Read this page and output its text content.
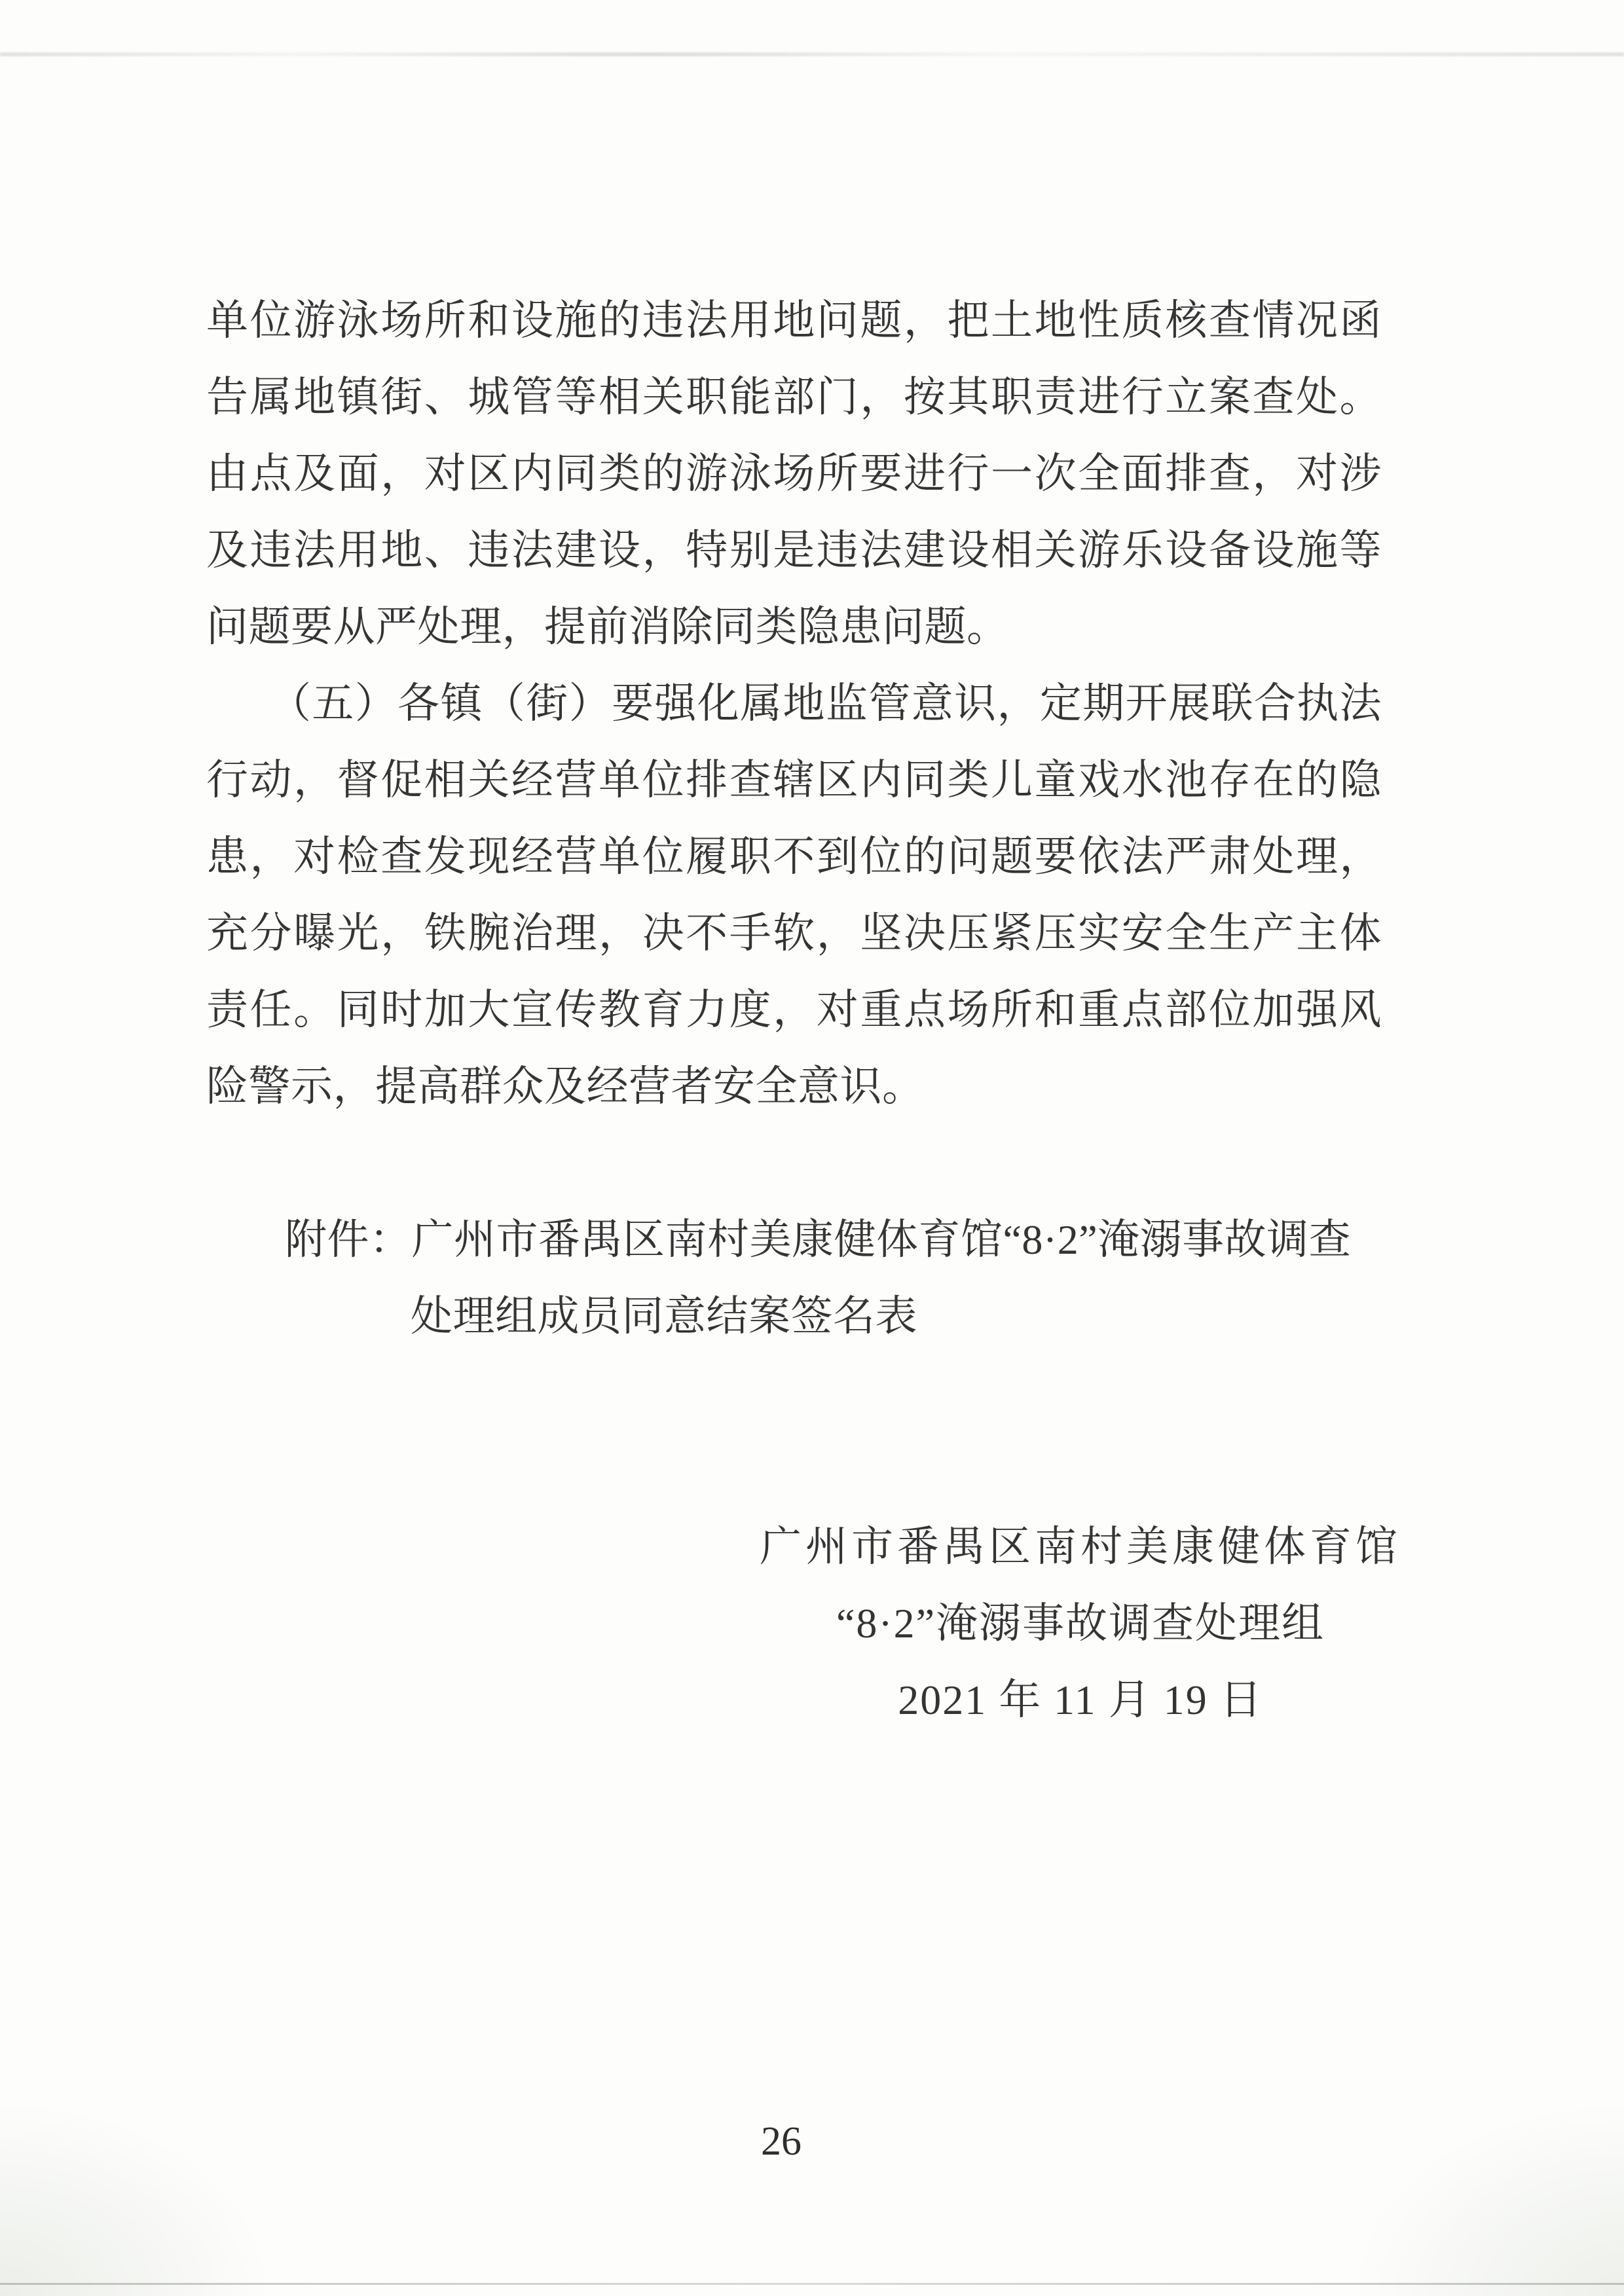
单位游泳场所和设施的违法用地问题，把土地性质核查情况函
告属地镇街、城管等相关职能部门，按其职责进行立案查处。
由点及面，对区内同类的游泳场所要进行一次全面排查，对涉
及违法用地、违法建设，特别是违法建设相关游乐设备设施等
问题要从严处理，提前消除同类隐患问题。
（五）各镇（街）要强化属地监管意识，定期开展联合执法
行动，督促相关经营单位排查辖区内同类儿童戏水池存在的隐
患，对检查发现经营单位履职不到位的问题要依法严肃处理，
充分曝光，铁腕治理，决不手软，坚决压紧压实安全生产主体
责任。同时加大宣传教育力度，对重点场所和重点部位加强风
险警示，提高群众及经营者安全意识。
附件：广州市番禺区南村美康健体育馆“8·2”淹溺事故调查
处理组成员同意结案签名表
广州市番禺区南村美康健体育馆
“8·2”淹溺事故调查处理组
2021 年 11 月 19 日
26
